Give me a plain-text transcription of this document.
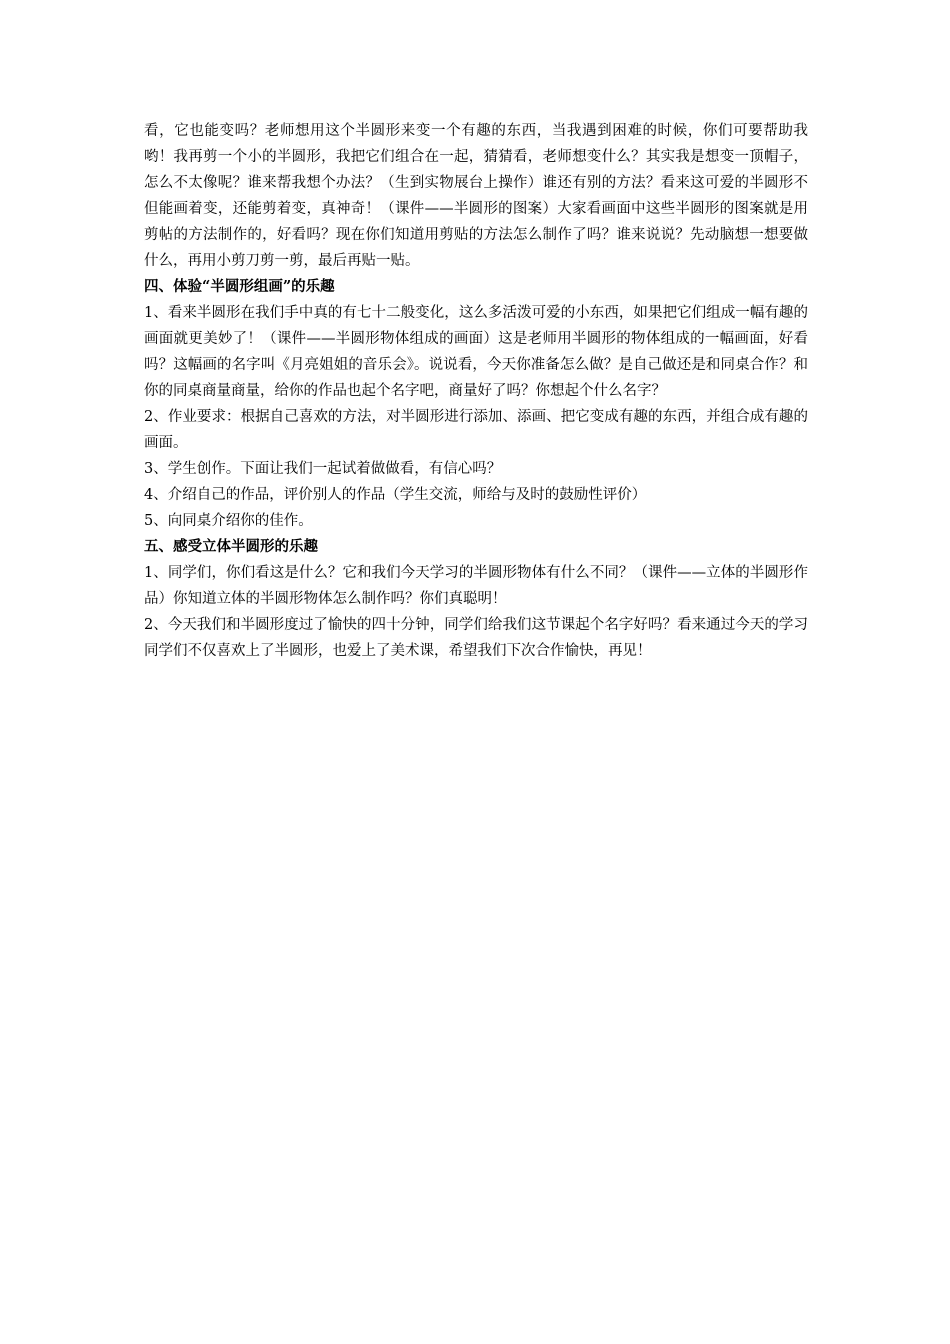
看，它也能变吗？老师想用这个半圆形来变一个有趣的东西，当我遇到困难的时候，你们可要帮助我哟！我再剪一个小的半圆形，我把它们组合在一起，猜猜看，老师想变什么？其实我是想变一顶帽子，怎么不太像呢？谁来帮我想个办法？（生到实物展台上操作）谁还有别的方法？看来这可爱的半圆形不但能画着变，还能剪着变，真神奇！（课件——半圆形的图案）大家看画面中这些半圆形的图案就是用剪帖的方法制作的，好看吗？现在你们知道用剪贴的方法怎么制作了吗？谁来说说？先动脑想一想要做什么，再用小剪刀剪一剪，最后再贴一贴。

四、体验“半圆形组画”的乐趣

1、看来半圆形在我们手中真的有七十二般变化，这么多活泼可爱的小东西，如果把它们组成一幅有趣的画面就更美妙了！（课件——半圆形物体组成的画面）这是老师用半圆形的物体组成的一幅画面，好看吗？这幅画的名字叫《月亮姐姐的音乐会》。说说看，今天你准备怎么做？是自己做还是和同桌合作？和你的同桌商量商量，给你的作品也起个名字吧，商量好了吗？你想起个什么名字？

2、作业要求：根据自己喜欢的方法，对半圆形进行添加、添画、把它变成有趣的东西，并组合成有趣的画面。

3、学生创作。下面让我们一起试着做做看，有信心吗？

4、介绍自己的作品，评价别人的作品（学生交流，师给与及时的鼓励性评价）

5、向同桌介绍你的佳作。

五、感受立体半圆形的乐趣

1、同学们，你们看这是什么？它和我们今天学习的半圆形物体有什么不同？（课件——立体的半圆形作品）你知道立体的半圆形物体怎么制作吗？你们真聪明！

2、今天我们和半圆形度过了愉快的四十分钟，同学们给我们这节课起个名字好吗？看来通过今天的学习同学们不仅喜欢上了半圆形，也爱上了美术课，希望我们下次合作愉快，再见！
